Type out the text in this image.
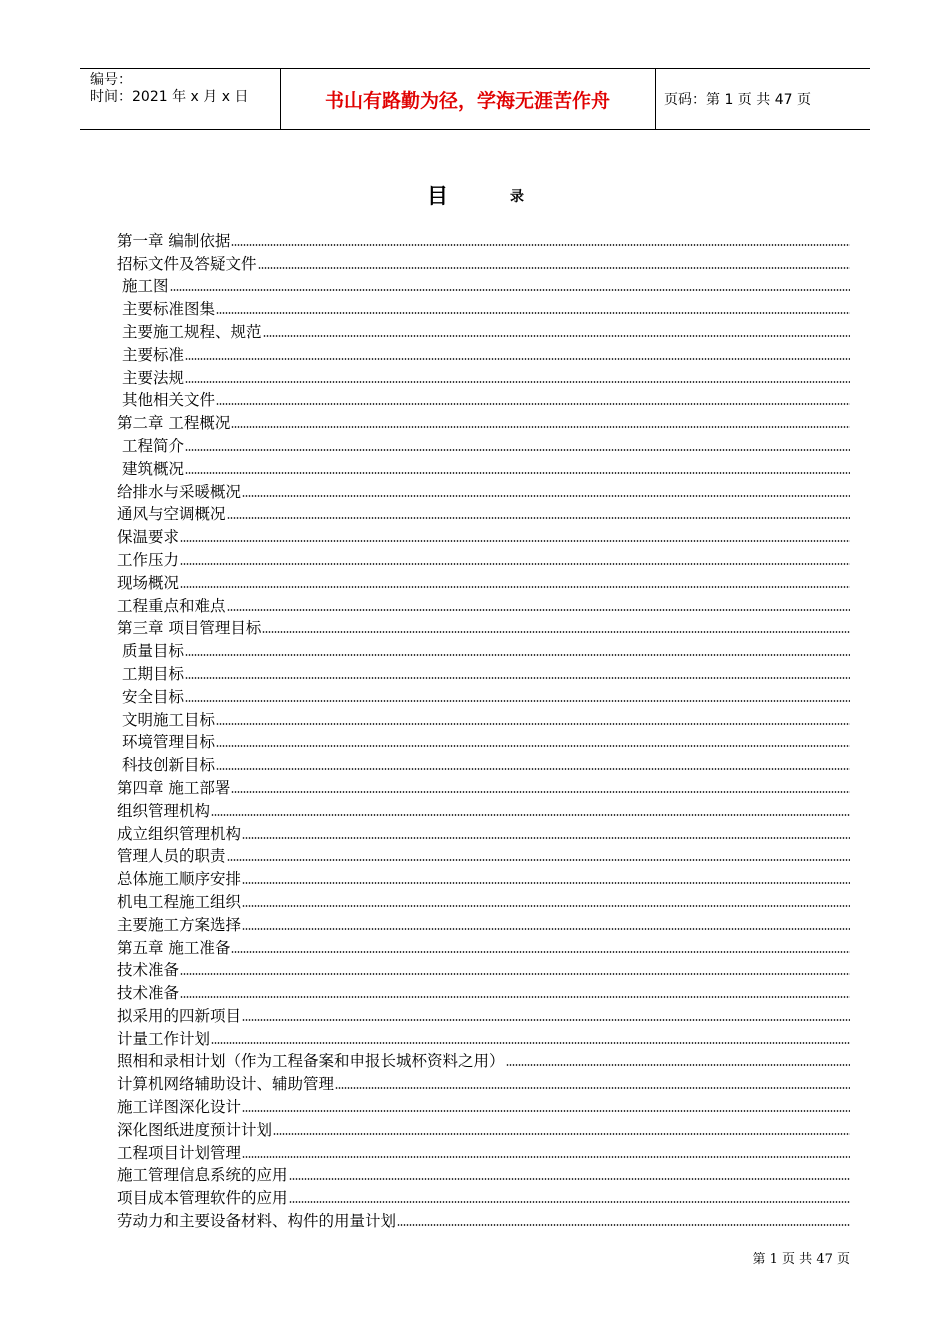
编号：
时间：2021 年 x 月 x 日	书山有路勤为径，学海无涯苦作舟	页码：第 1 页 共 47 页
目	录
第一章 编制依据
招标文件及答疑文件
施工图
主要标准图集
主要施工规程、规范
主要标准
主要法规
其他相关文件
第二章 工程概况
工程简介
建筑概况
给排水与采暖概况
通风与空调概况
保温要求
工作压力
现场概况
工程重点和难点
第三章 项目管理目标
质量目标
工期目标
安全目标
文明施工目标
环境管理目标
科技创新目标
第四章 施工部署
组织管理机构
成立组织管理机构
管理人员的职责
总体施工顺序安排
机电工程施工组织
主要施工方案选择
第五章 施工准备
技术准备
技术准备
拟采用的四新项目
计量工作计划
照相和录相计划（作为工程备案和申报长城杯资料之用）
计算机网络辅助设计、辅助管理
施工详图深化设计
深化图纸进度预计计划
工程项目计划管理
施工管理信息系统的应用
项目成本管理软件的应用
劳动力和主要设备材料、构件的用量计划
第 1 页 共 47 页
